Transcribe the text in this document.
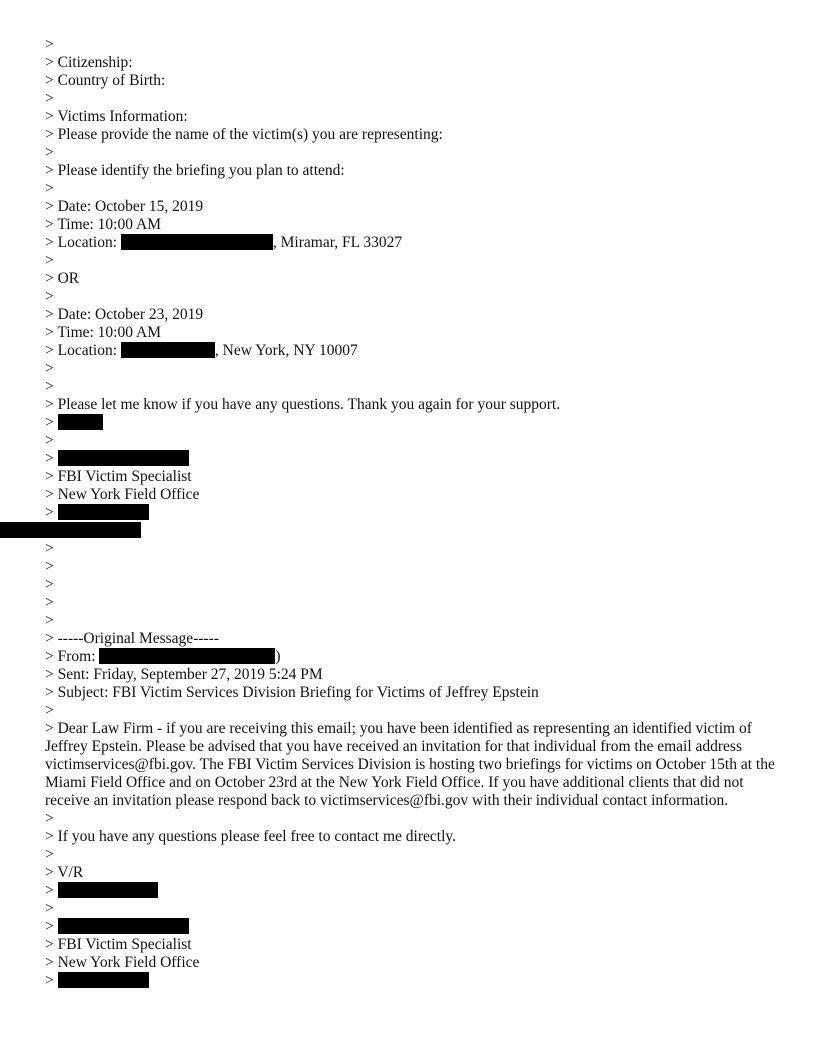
>
> Citizenship:
> Country of Birth:
>
> Victims Information:
> Please provide the name of the victim(s) you are representing:
>
> Please identify the briefing you plan to attend:
>
> Date: October 15, 2019
> Time: 10:00 AM
> Location:	, Miramar, FL 33027
>
> OR
>
> Date: October 23, 2019
> Time: 10:00 AM
> Location:	, New York, NY 10007
>
>
> Please let me know if you have any questions. Thank you again for your support.
>
>
>
> FBI Victim Specialist
> New York Field Office
>
>
>
>
>
>
> -----Original Message-----
> From:	)
> Sent: Friday, September 27, 2019 5:24 PM
> Subject: FBI Victim Services Division Briefing for Victims of Jeffrey Epstein
>
> Dear Law Firm - if you are receiving this email; you have been identified as representing an identified victim of Jeffrey Epstein. Please be advised that you have received an invitation for that individual from the email address victimservices@fbi.gov. The FBI Victim Services Division is hosting two briefings for victims on October 15th at the Miami Field Office and on October 23rd at the New York Field Office. If you have additional clients that did not receive an invitation please respond back to victimservices@fbi.gov with their individual contact information.
>
> If you have any questions please feel free to contact me directly.
>
> V/R
>
>
>
> FBI Victim Specialist
> New York Field Office
>
